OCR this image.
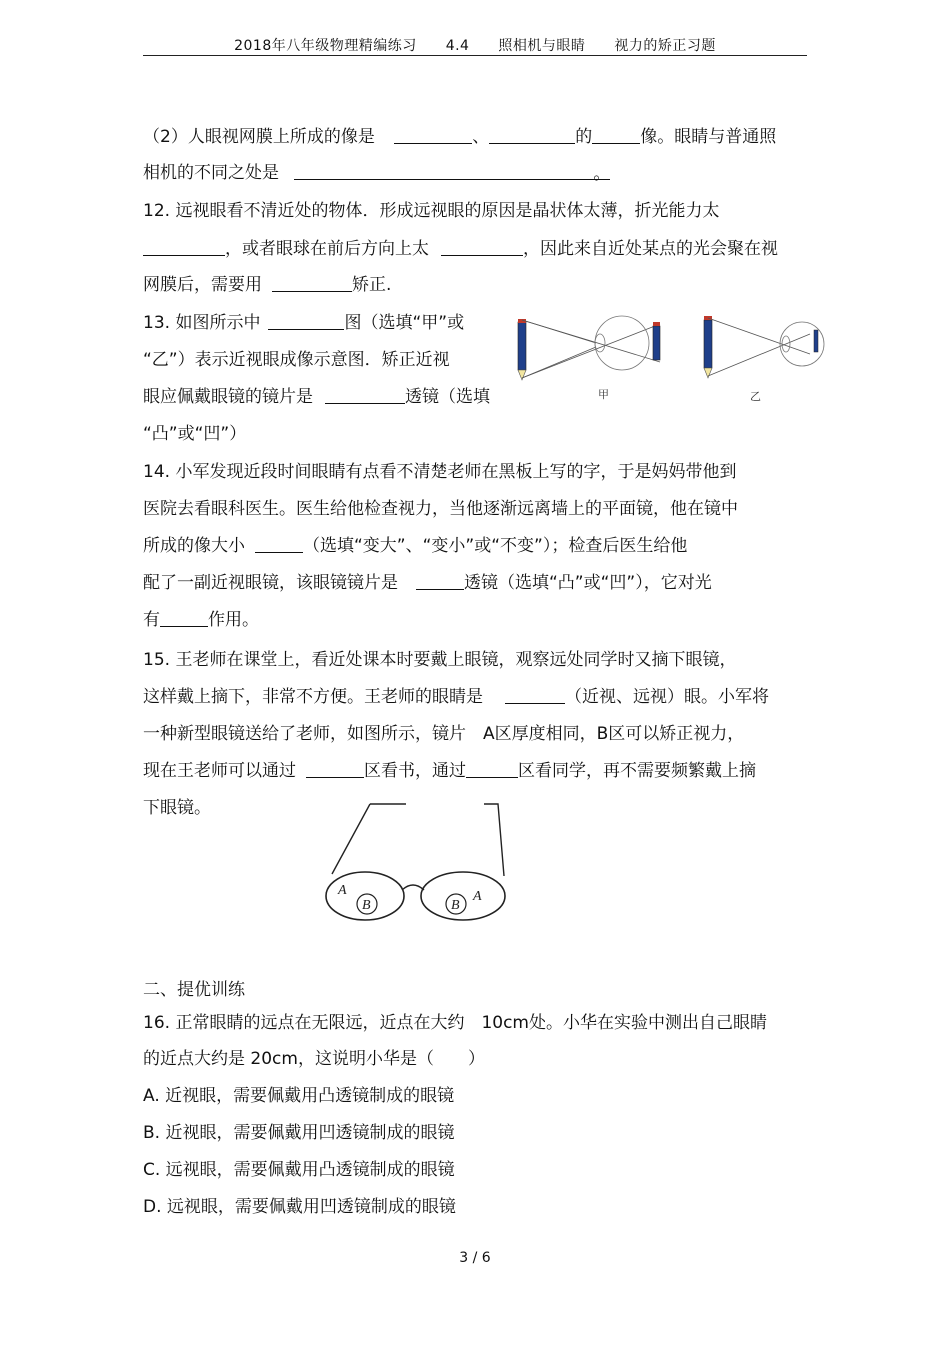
2018年八年级物理精编练习 4.4 照相机与眼睛 视力的矫正习题
（2）人眼视网膜上所成的像是	、	的	像。眼睛与普通照
相机的不同之处是	。
12. 远视眼看不清近处的物体．形成远视眼的原因是晶状体太薄，折光能力太
，或者眼球在前后方向上太	，因此来自近处某点的光会聚在视
网膜后，需要用	矫正.
13. 如图所示中	图（选填“甲”或
“乙”）表示近视眼成像示意图．矫正近视
眼应佩戴眼镜的镜片是	透镜（选填
“凸”或“凹”）
14. 小军发现近段时间眼睛有点看不清楚老师在黑板上写的字，于是妈妈带他到
医院去看眼科医生。医生给他检查视力，当他逐渐远离墙上的平面镜，他在镜中
所成的像大小	（选填“变大”、“变小”或“不变”）；检查后医生给他
配了一副近视眼镜，该眼镜镜片是	透镜（选填“凸”或“凹”），它对光
有	作用。
15. 王老师在课堂上，看近处课本时要戴上眼镜，观察远处同学时又摘下眼镜，
这样戴上摘下，非常不方便。王老师的眼睛是	（近视、远视）眼。小军将
一种新型眼镜送给了老师，如图所示，镜片　A区厚度相同，B区可以矫正视力，
现在王老师可以通过	区看书，通过	区看同学，再不需要频繁戴上摘
下眼镜。
二、提优训练
16. 正常眼睛的远点在无限远，近点在大约　10cm处。小华在实验中测出自己眼睛
的近点大约是 20cm，这说明小华是（　　）
A. 近视眼，需要佩戴用凸透镜制成的眼镜
B. 近视眼，需要佩戴用凹透镜制成的眼镜
C. 远视眼，需要佩戴用凸透镜制成的眼镜
D. 远视眼，需要佩戴用凹透镜制成的眼镜
甲	乙
A
B	B
A
3 / 6
